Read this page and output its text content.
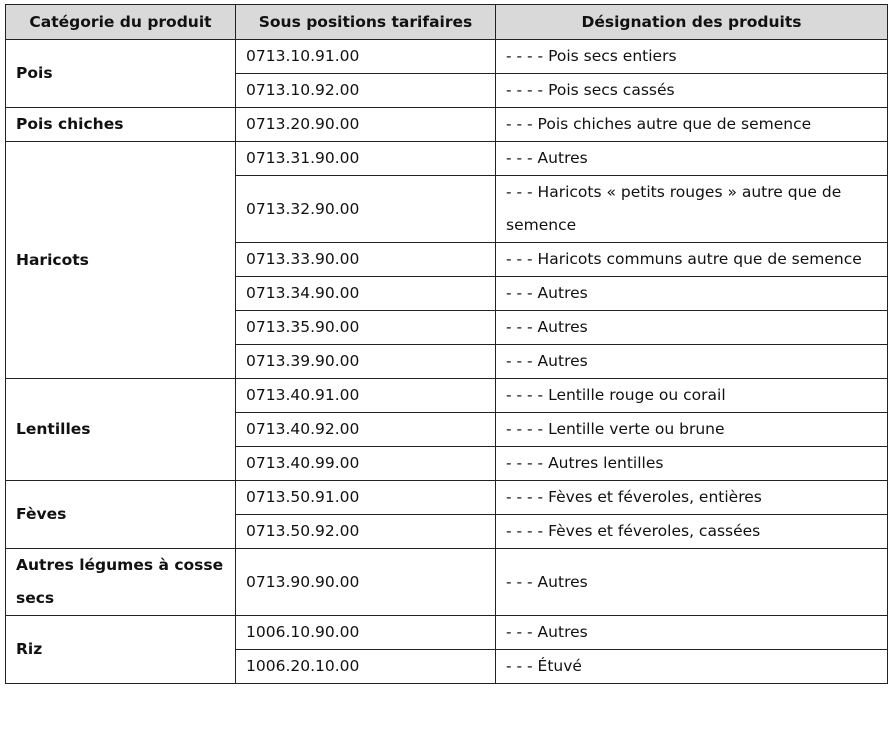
Catégorie du produit	Sous positions tarifaires	Désignation des produits
Pois	0713.10.91.00	- - - - Pois secs entiers
	0713.10.92.00	- - - - Pois secs cassés
Pois chiches	0713.20.90.00	- - - Pois chiches autre que de semence
Haricots	0713.31.90.00	- - - Autres
	0713.32.90.00	- - - Haricots « petits rouges » autre que de semence
	0713.33.90.00	- - - Haricots communs autre que de semence
	0713.34.90.00	- - - Autres
	0713.35.90.00	- - - Autres
	0713.39.90.00	- - - Autres
Lentilles	0713.40.91.00	- - - - Lentille rouge ou corail
	0713.40.92.00	- - - - Lentille verte ou brune
	0713.40.99.00	- - - - Autres lentilles
Fèves	0713.50.91.00	- - - - Fèves et féveroles, entières
	0713.50.92.00	- - - - Fèves et féveroles, cassées
Autres légumes à cosse secs	0713.90.90.00	- - - Autres
Riz	1006.10.90.00	- - - Autres
	1006.20.10.00	- - - Étuvé
